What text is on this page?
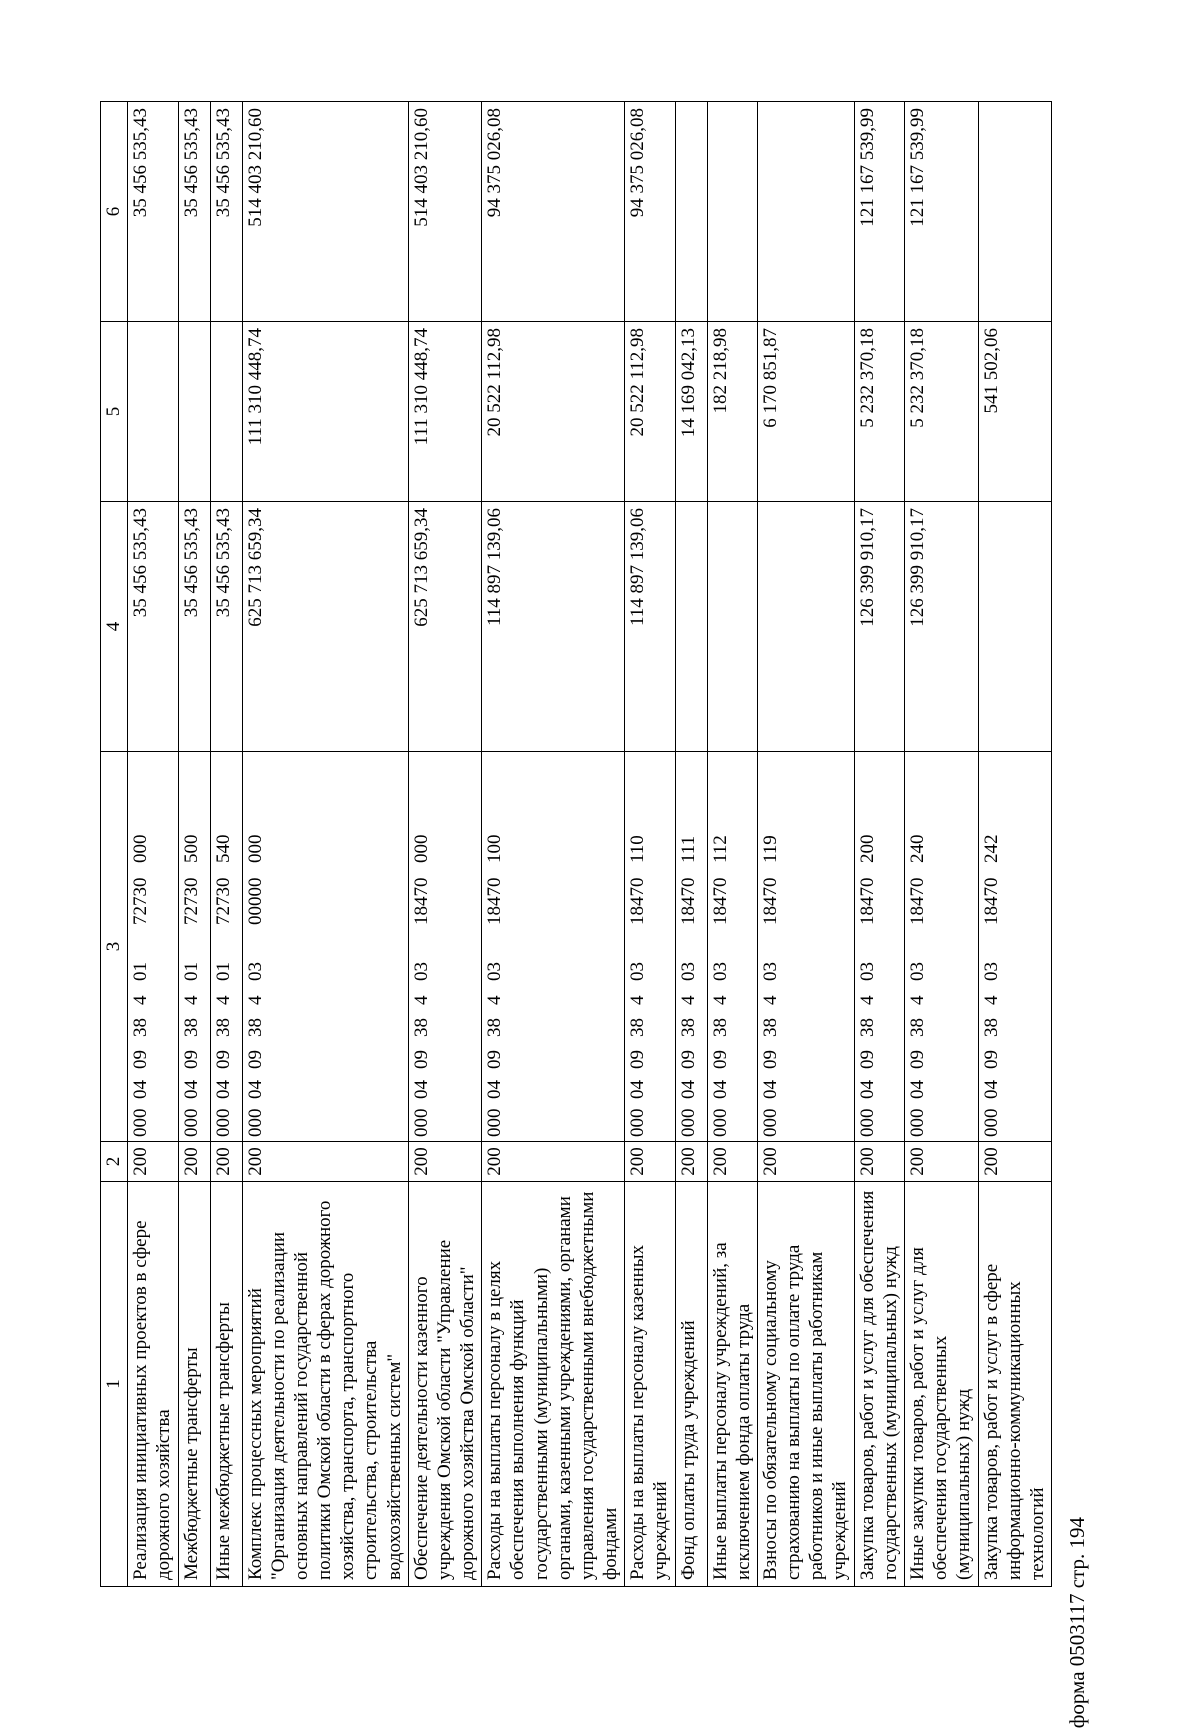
форма 0503117 стр. 194
1	2	3	4	5	6
Реализация инициативных проектов в сфере дорожного хозяйства	200	00004093840172730000	35 456 535,43		35 456 535,43
Межбюджетные трансферты	200	00004093840172730500	35 456 535,43		35 456 535,43
Иные межбюджетные трансферты	200	00004093840172730540	35 456 535,43		35 456 535,43
Комплекс процессных мероприятий "Организация деятельности по реализации основных направлений государственной политики Омской области в сферах дорожного хозяйства, транспорта, транспортного строительства, строительства водохозяйственных систем"	200	00004093840300000000	625 713 659,34	111 310 448,74	514 403 210,60
Обеспечение деятельности казенного учреждения Омской области "Управление дорожного хозяйства Омской области"	200	00004093840318470000	625 713 659,34	111 310 448,74	514 403 210,60
Расходы на выплаты персоналу в целях обеспечения выполнения функций государственными (муниципальными) органами, казенными учреждениями, органами управления государственными внебюджетными фондами	200	00004093840318470100	114 897 139,06	20 522 112,98	94 375 026,08
Расходы на выплаты персоналу казенных учреждений	200	00004093840318470110	114 897 139,06	20 522 112,98	94 375 026,08
Фонд оплаты труда учреждений	200	00004093840318470111		14 169 042,13	
Иные выплаты персоналу учреждений, за исключением фонда оплаты труда	200	00004093840318470112		182 218,98	
Взносы по обязательному социальному страхованию на выплаты по оплате труда работников и иные выплаты работникам учреждений	200	00004093840318470119		6 170 851,87	
Закупка товаров, работ и услуг для обеспечения государственных (муниципальных) нужд	200	00004093840318470200	126 399 910,17	5 232 370,18	121 167 539,99
Иные закупки товаров, работ и услуг для обеспечения государственных (муниципальных) нужд	200	00004093840318470240	126 399 910,17	5 232 370,18	121 167 539,99
Закупка товаров, работ и услуг в сфере информационно-коммуникационных технологий	200	00004093840318470242		541 502,06	
